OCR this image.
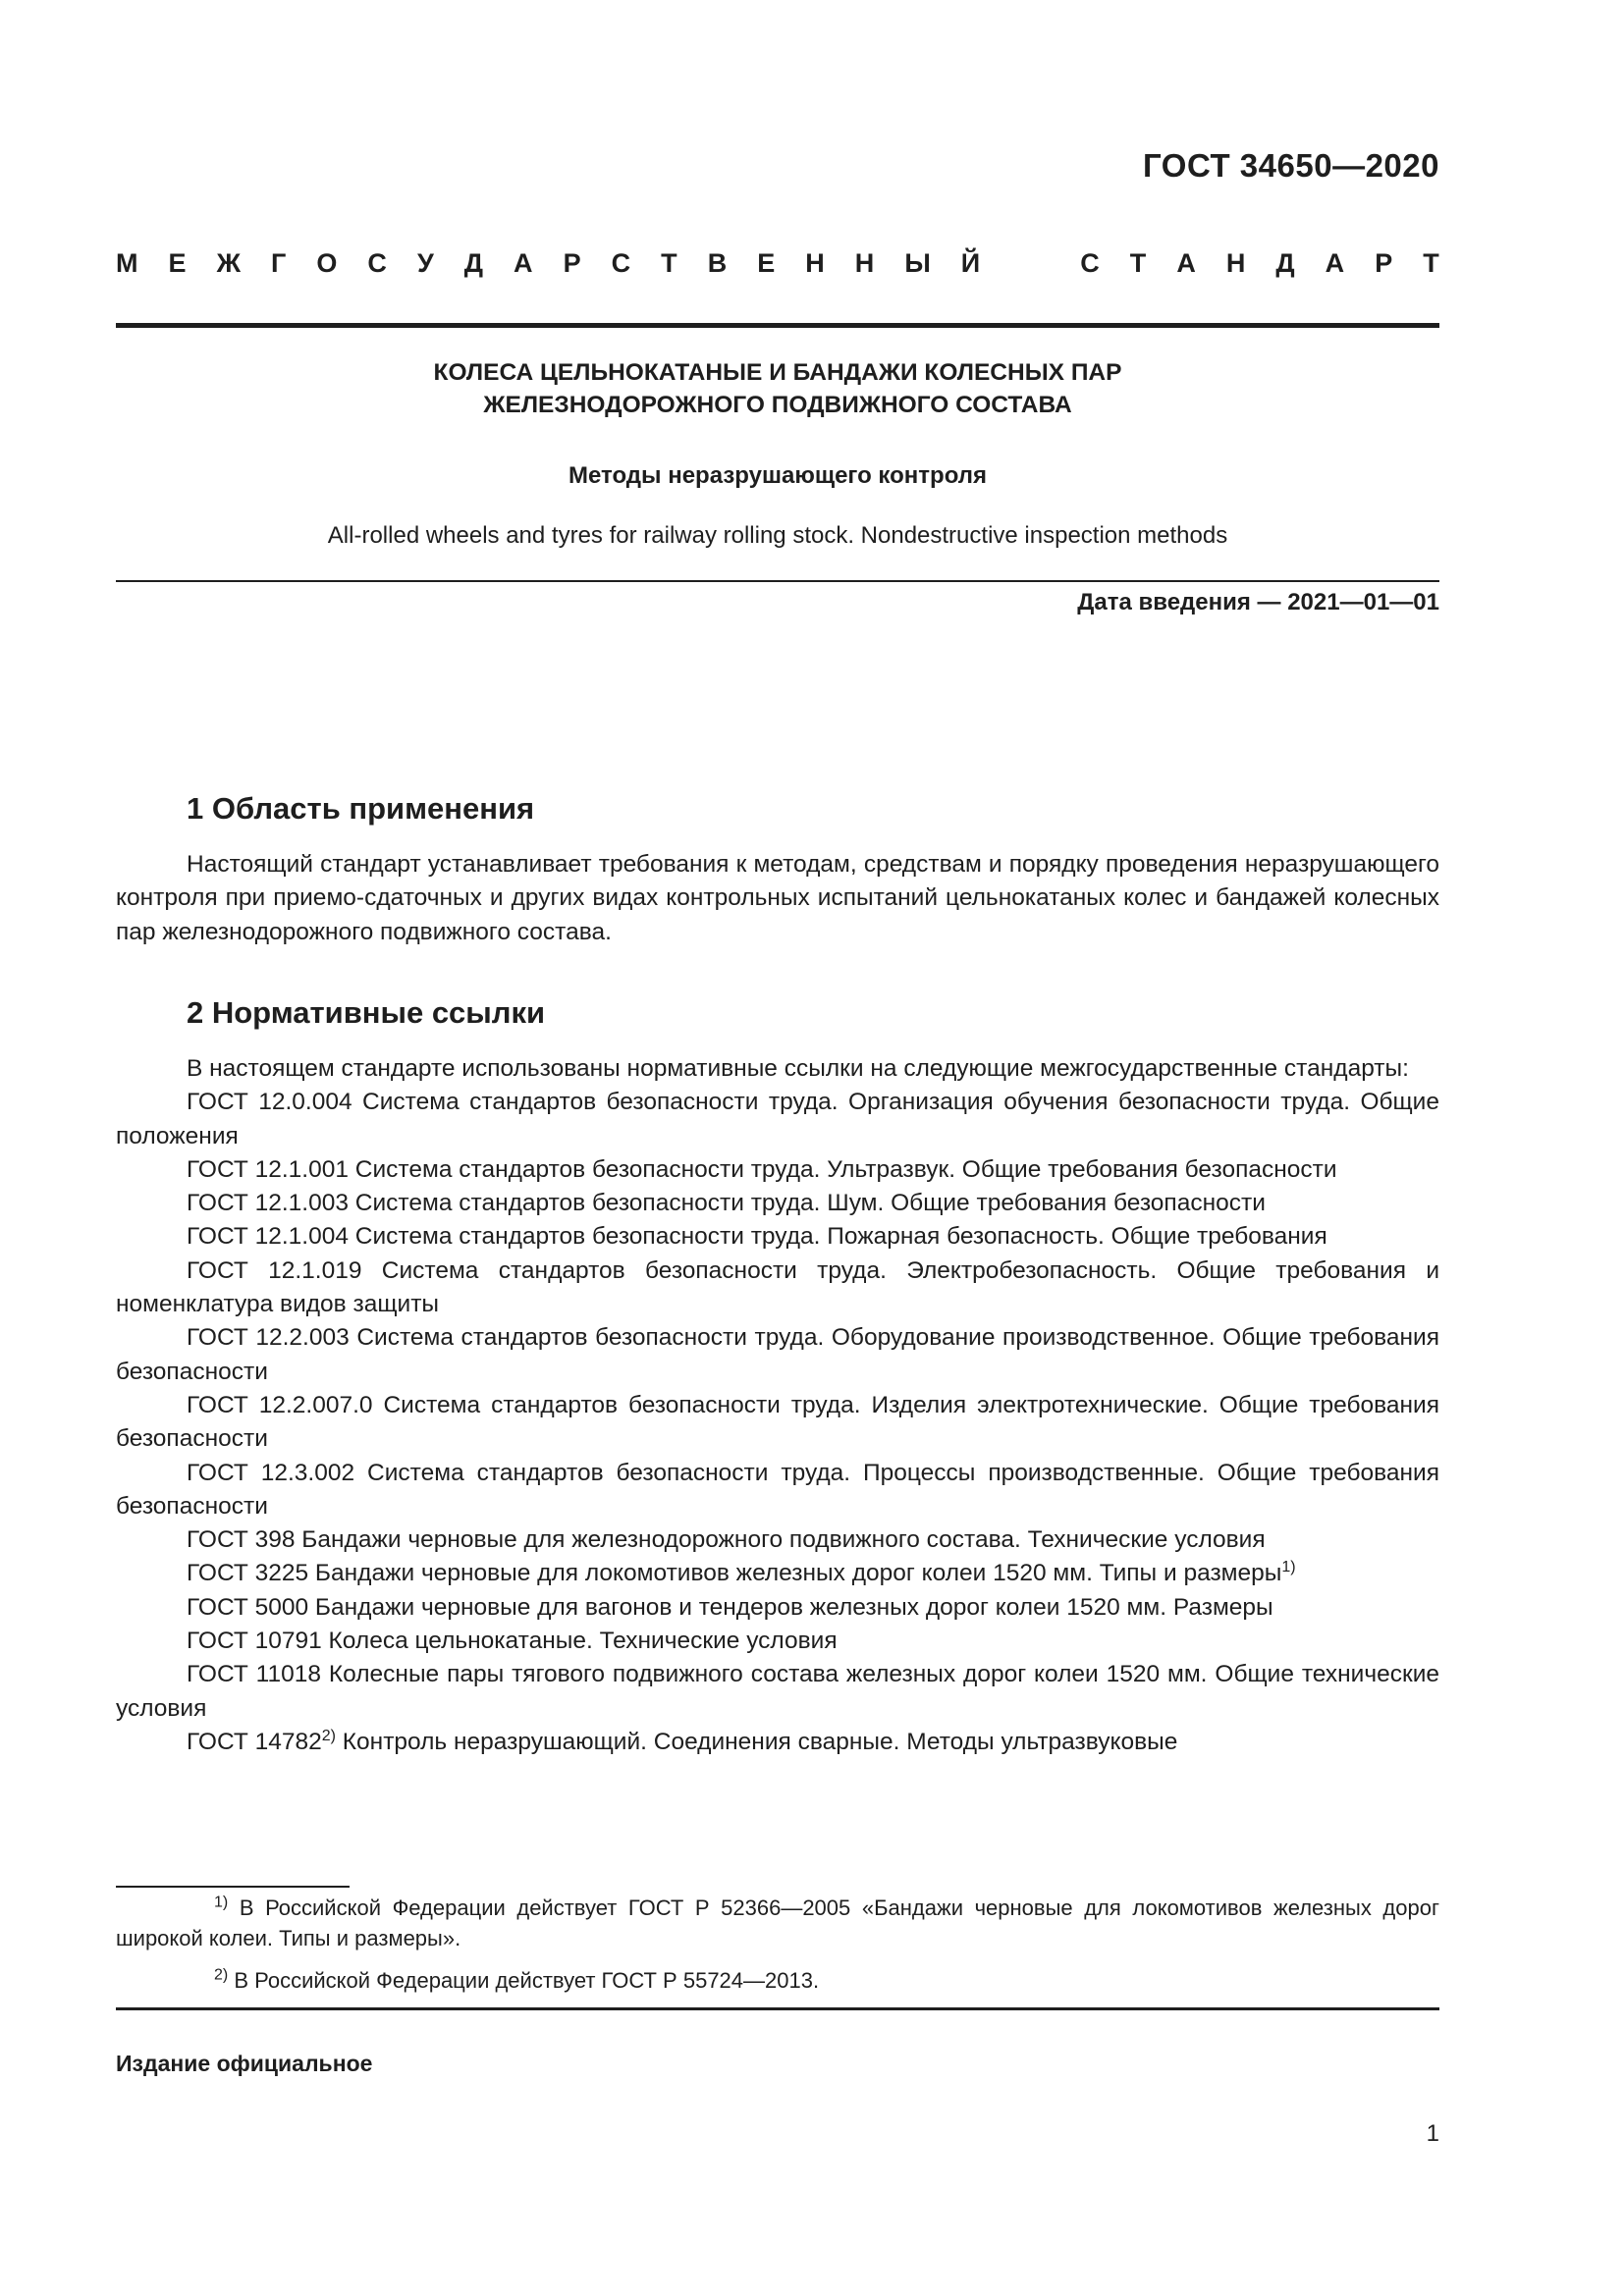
ГОСТ 34650—2020
М Е Ж Г О С У Д А Р С Т В Е Н Н Ы Й	С Т А Н Д А Р Т
КОЛЕСА ЦЕЛЬНОКАТАНЫЕ И БАНДАЖИ КОЛЕСНЫХ ПАР
ЖЕЛЕЗНОДОРОЖНОГО ПОДВИЖНОГО СОСТАВА
Методы неразрушающего контроля
All-rolled wheels and tyres for railway rolling stock. Nondestructive inspection methods
Дата введения — 2021—01—01
1 Область применения

Настоящий стандарт устанавливает требования к методам, средствам и порядку проведения неразрушающего контроля при приемо-сдаточных и других видах контрольных испытаний цельнокатаных колес и бандажей колесных пар железнодорожного подвижного состава.

2 Нормативные ссылки

В настоящем стандарте использованы нормативные ссылки на следующие межгосударственные стандарты:

ГОСТ 12.0.004 Система стандартов безопасности труда. Организация обучения безопасности труда. Общие положения

ГОСТ 12.1.001 Система стандартов безопасности труда. Ультразвук. Общие требования безопасности

ГОСТ 12.1.003 Система стандартов безопасности труда. Шум. Общие требования безопасности

ГОСТ 12.1.004 Система стандартов безопасности труда. Пожарная безопасность. Общие требования

ГОСТ 12.1.019 Система стандартов безопасности труда. Электробезопасность. Общие требования и номенклатура видов защиты

ГОСТ 12.2.003 Система стандартов безопасности труда. Оборудование производственное. Общие требования безопасности

ГОСТ 12.2.007.0 Система стандартов безопасности труда. Изделия электротехнические. Общие требования безопасности

ГОСТ 12.3.002 Система стандартов безопасности труда. Процессы производственные. Общие требования безопасности

ГОСТ 398 Бандажи черновые для железнодорожного подвижного состава. Технические условия

ГОСТ 3225 Бандажи черновые для локомотивов железных дорог колеи 1520 мм. Типы и размеры$^{1)}$

ГОСТ 5000 Бандажи черновые для вагонов и тендеров железных дорог колеи 1520 мм. Размеры

ГОСТ 10791 Колеса цельнокатаные. Технические условия

ГОСТ 11018 Колесные пары тягового подвижного состава железных дорог колеи 1520 мм. Общие технические условия

ГОСТ 14782$^{2)}$ Контроль неразрушающий. Соединения сварные. Методы ультразвуковые

$^{1)}$ В Российской Федерации действует ГОСТ Р 52366—2005 «Бандажи черновые для локомотивов железных дорог широкой колеи. Типы и размеры».

$^{2)}$ В Российской Федерации действует ГОСТ Р 55724—2013.

Издание официальное
1
